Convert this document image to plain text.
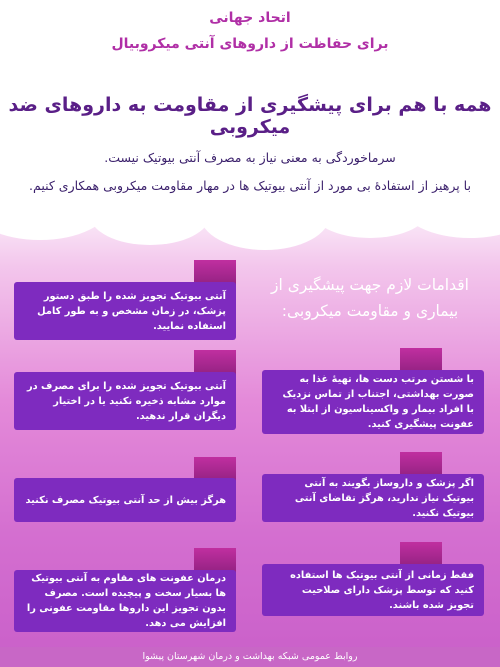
اتحاد جهانی
برای حفاظت از داروهای آنتی میکروبیال
همه با هم برای پیشگیری از مقاومت به داروهای ضد میکروبی
سرماخوردگی به معنی نیاز به مصرف آنتی بیوتیک نیست.
با پرهیز از استفادۀ بی مورد از آنتی بیوتیک ها در مهار مقاومت میکروبی همکاری کنیم.
اقدامات لازم جهت پیشگیری از بیماری و مقاومت میکروبی:
آنتی بیوتیک تجویز شده را طبق دستور پزشک، در زمان مشخص و به طور کامل استفاده نمایید.
آنتی بیوتیک تجویز شده را برای مصرف در موارد مشابه ذخیره نکنید یا در اختیار دیگران قرار ندهید.
هرگز بیش از حد آنتی بیوتیک مصرف نکنید
درمان عفونت های مقاوم به آنتی بیوتیک ها بسیار سخت و پیچیده است. مصرف بدون تجویز این داروها مقاومت عفونی را افزایش می دهد.
با شستن مرتب دست ها، تهیۀ غذا به صورت بهداشتی، اجتناب از تماس نزدیک با افراد بیمار و واکسیناسیون از ابتلا به عفونت پیشگیری کنید.
اگر پزشک و داروساز بگویند به آنتی بیوتیک نیاز ندارید، هرگز تقاضای آنتی بیوتیک نکنید.
فقط زمانی از آنتی بیوتیک ها استفاده کنید که توسط پزشک دارای صلاحیت تجویز شده باشند.
روابط عمومی شبکه بهداشت و درمان شهرستان پیشوا
